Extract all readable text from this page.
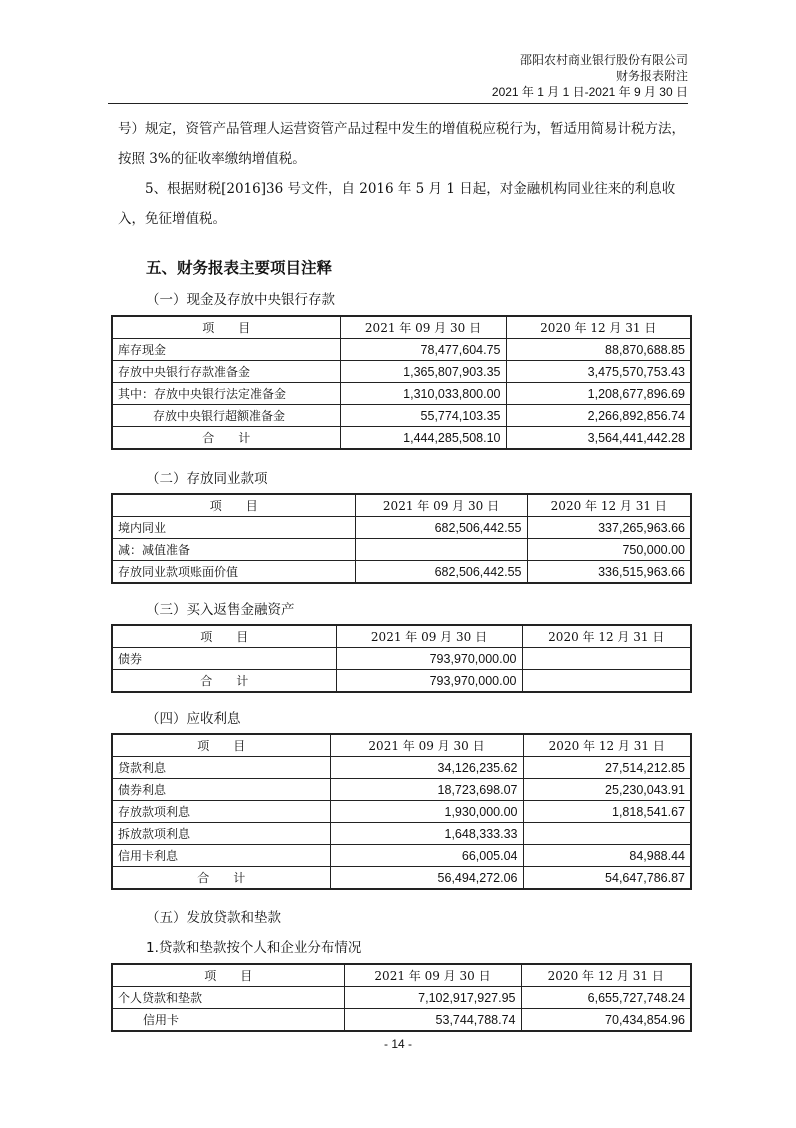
邵阳农村商业银行股份有限公司
财务报表附注
2021 年 1 月 1 日-2021 年 9 月 30 日
号）规定，资管产品管理人运营资管产品过程中发生的增值税应税行为，暂适用简易计税方法，按照 3%的征收率缴纳增值税。
5、根据财税[2016]36 号文件，自 2016 年 5 月 1 日起，对金融机构同业往来的利息收入，免征增值税。
五、财务报表主要项目注释
（一）现金及存放中央银行存款
项　　目	2021 年 09 月 30 日	2020 年 12 月 31 日
库存现金	78,477,604.75	88,870,688.85
存放中央银行存款准备金	1,365,807,903.35	3,475,570,753.43
其中：存放中央银行法定准备金	1,310,033,800.00	1,208,677,896.69
存放中央银行超额准备金	55,774,103.35	2,266,892,856.74
合　　计	1,444,285,508.10	3,564,441,442.28
（二）存放同业款项
项　　目	2021 年 09 月 30 日	2020 年 12 月 31 日
境内同业	682,506,442.55	337,265,963.66
减：减值准备		750,000.00
存放同业款项账面价值	682,506,442.55	336,515,963.66
（三）买入返售金融资产
项　　目	2021 年 09 月 30 日	2020 年 12 月 31 日
债券	793,970,000.00	
合　　计	793,970,000.00	
（四）应收利息
项　　目	2021 年 09 月 30 日	2020 年 12 月 31 日
贷款利息	34,126,235.62	27,514,212.85
债券利息	18,723,698.07	25,230,043.91
存放款项利息	1,930,000.00	1,818,541.67
拆放款项利息	1,648,333.33	
信用卡利息	66,005.04	84,988.44
合　　计	56,494,272.06	54,647,786.87
（五）发放贷款和垫款
1.贷款和垫款按个人和企业分布情况
项　　目	2021 年 09 月 30 日	2020 年 12 月 31 日
个人贷款和垫款	7,102,917,927.95	6,655,727,748.24
信用卡	53,744,788.74	70,434,854.96
- 14 -
